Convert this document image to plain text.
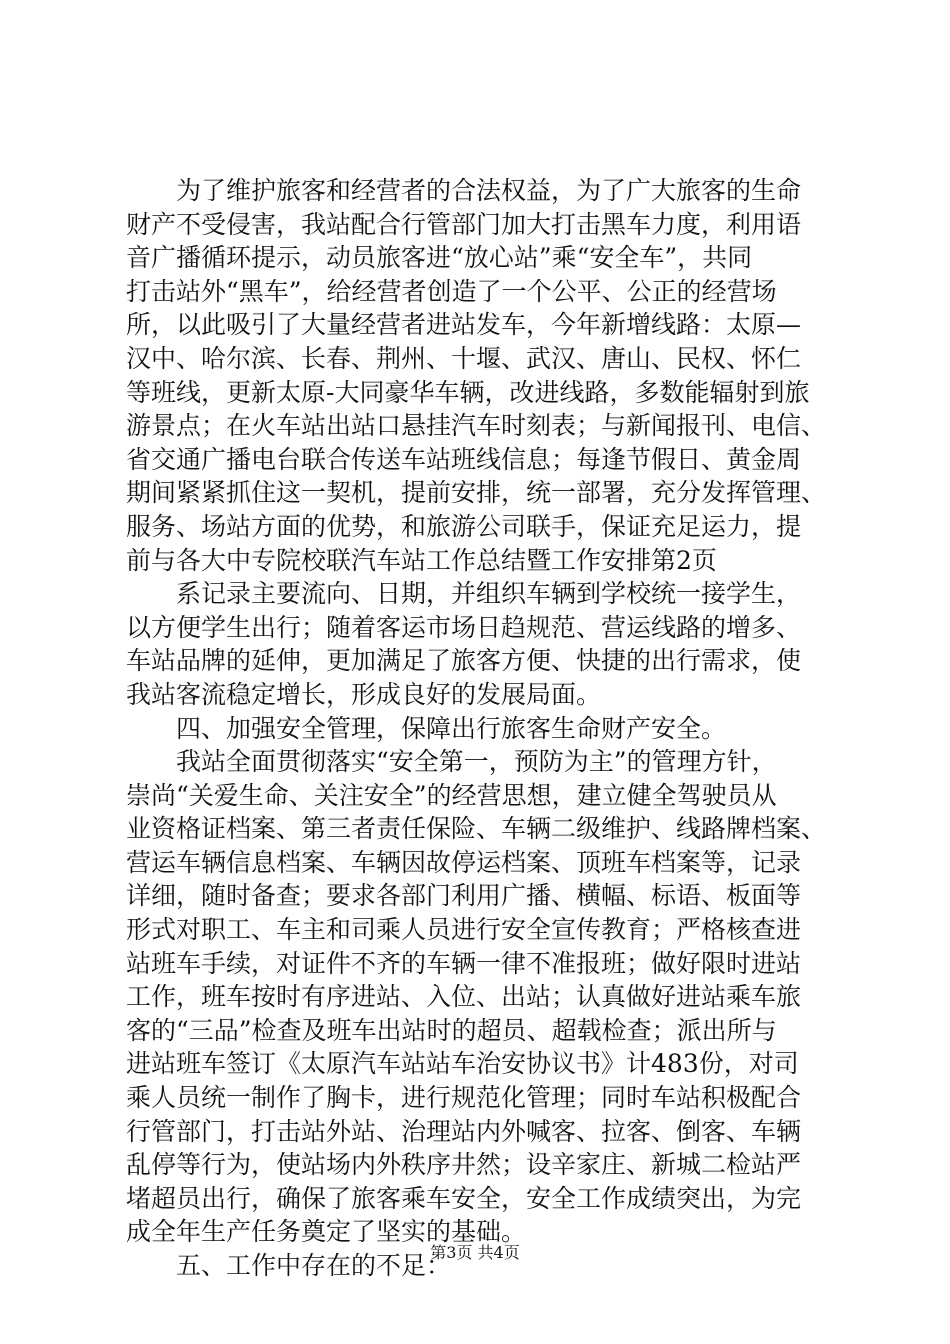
　　为了维护旅客和经营者的合法权益，为了广大旅客的生命
财产不受侵害，我站配合行管部门加大打击黑车力度，利用语
音广播循环提示，动员旅客进“放心站”乘“安全车”，共同
打击站外“黑车”，给经营者创造了一个公平、公正的经营场
所，以此吸引了大量经营者进站发车，今年新增线路：太原—
汉中、哈尔滨、长春、荆州、十堰、武汉、唐山、民权、怀仁
等班线，更新太原-大同豪华车辆，改进线路，多数能辐射到旅
游景点；在火车站出站口悬挂汽车时刻表；与新闻报刊、电信、
省交通广播电台联合传送车站班线信息；每逢节假日、黄金周
期间紧紧抓住这一契机，提前安排，统一部署，充分发挥管理、
服务、场站方面的优势，和旅游公司联手，保证充足运力，提
前与各大中专院校联汽车站工作总结暨工作安排第2页
　　系记录主要流向、日期，并组织车辆到学校统一接学生，
以方便学生出行；随着客运市场日趋规范、营运线路的增多、
车站品牌的延伸，更加满足了旅客方便、快捷的出行需求，使
我站客流稳定增长，形成良好的发展局面。
　　四、加强安全管理，保障出行旅客生命财产安全。
　　我站全面贯彻落实“安全第一，预防为主”的管理方针，
崇尚“关爱生命、关注安全”的经营思想，建立健全驾驶员从
业资格证档案、第三者责任保险、车辆二级维护、线路牌档案、
营运车辆信息档案、车辆因故停运档案、顶班车档案等，记录
详细，随时备查；要求各部门利用广播、横幅、标语、板面等
形式对职工、车主和司乘人员进行安全宣传教育；严格核查进
站班车手续，对证件不齐的车辆一律不准报班；做好限时进站
工作，班车按时有序进站、入位、出站；认真做好进站乘车旅
客的“三品”检查及班车出站时的超员、超载检查；派出所与
进站班车签订《太原汽车站站车治安协议书》计483份，对司
乘人员统一制作了胸卡，进行规范化管理；同时车站积极配合
行管部门，打击站外站、治理站内外喊客、拉客、倒客、车辆
乱停等行为，使站场内外秩序井然；设辛家庄、新城二检站严
堵超员出行，确保了旅客乘车安全，安全工作成绩突出，为完
成全年生产任务奠定了坚实的基础。
　　五、工作中存在的不足：
第3页 共4页
